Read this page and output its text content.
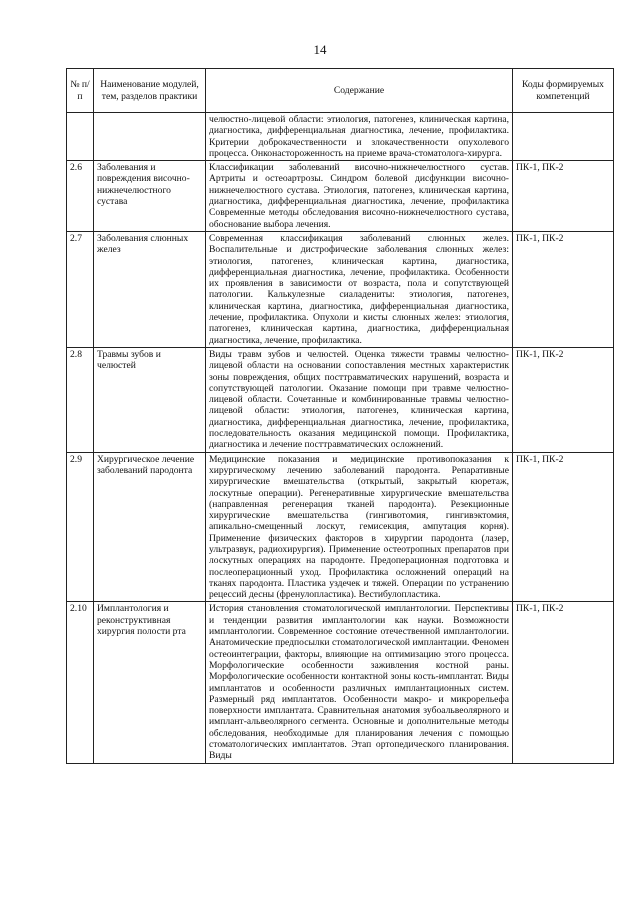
14
№ п/п	Наименование модулей, тем, разделов практики	Содержание	Коды формируемых компетенций
		челюстно-лицевой области: этиология, патогенез, клиническая картина, диагностика, дифференциальная диагностика, лечение, профилактика. Критерии доброкачественности и злокачественности опухолевого процесса. Онконастороженность на приеме врача-стоматолога-хирурга.	
2.6	Заболевания и повреждения височно-нижнечелюстного сустава	Классификации заболеваний височно-нижнечелюстного сустав. Артриты и остеоартрозы. Синдром болевой дисфункции височно-нижнечелюстного сустава. Этиология, патогенез, клиническая картина, диагностика, дифференциальная диагностика, лечение, профилактика Современные методы обследования височно-нижнечелюстного сустава, обоснование выбора лечения.	ПК-1, ПК-2
2.7	Заболевания слюнных желез	Современная классификация заболеваний слюнных желез. Воспалительные и дистрофические заболевания слюнных желез: этиология, патогенез, клиническая картина, диагностика, дифференциальная диагностика, лечение, профилактика. Особенности их проявления в зависимости от возраста, пола и сопутствующей патологии. Калькулезные сиаладениты: этиология, патогенез, клиническая картина, диагностика, дифференциальная диагностика, лечение, профилактика. Опухоли и кисты слюнных желез: этиология, патогенез, клиническая картина, диагностика, дифференциальная диагностика, лечение, профилактика.	ПК-1, ПК-2
2.8	Травмы зубов и челюстей	Виды травм зубов и челюстей. Оценка тяжести травмы челюстно-лицевой области на основании сопоставления местных характеристик зоны повреждения, общих посттравматических нарушений, возраста и сопутствующей патологии. Оказание помощи при травме челюстно-лицевой области. Сочетанные и комбинированные травмы челюстно-лицевой области: этиология, патогенез, клиническая картина, диагностика, дифференциальная диагностика, лечение, профилактика, последовательность оказания медицинской помощи. Профилактика, диагностика и лечение посттравматических осложнений.	ПК-1, ПК-2
2.9	Хирургическое лечение заболеваний пародонта	Медицинские показания и медицинские противопоказания к хирургическому лечению заболеваний пародонта. Репаративные хирургические вмешательства (открытый, закрытый кюретаж, лоскутные операции). Регенеративные хирургические вмешательства (направленная регенерация тканей пародонта). Резекционные хирургические вмешательства (гингивотомия, гингивэктомия, апикально-смещенный лоскут, гемисекция, ампутация корня). Применение физических факторов в хирургии пародонта (лазер, ультразвук, радиохирургия). Применение остеотропных препаратов при лоскутных операциях на пародонте. Предоперационная подготовка и послеоперационный уход. Профилактика осложнений операций на тканях пародонта. Пластика уздечек и тяжей. Операции по устранению рецессий десны (френулопластика). Вестибулопластика.	ПК-1, ПК-2
2.10	Имплантология и реконструктивная хирургия полости рта	История становления стоматологической имплантологии. Перспективы и тенденции развития имплантологии как науки. Возможности имплантологии. Современное состояние отечественной имплантологии. Анатомические предпосылки стоматологической имплантации. Феномен остеоинтеграции, факторы, влияющие на оптимизацию этого процесса. Морфологические особенности заживления костной раны. Морфологические особенности контактной зоны кость-имплантат. Виды имплантатов и особенности различных имплантационных систем. Размерный ряд имплантатов. Особенности макро- и микрорельефа поверхности имплантата. Сравнительная анатомия зубоальвеолярного и имплант-альвеолярного сегмента. Основные и дополнительные методы обследования, необходимые для планирования лечения с помощью стоматологических имплантатов. Этап ортопедического планирования. Виды	ПК-1, ПК-2
